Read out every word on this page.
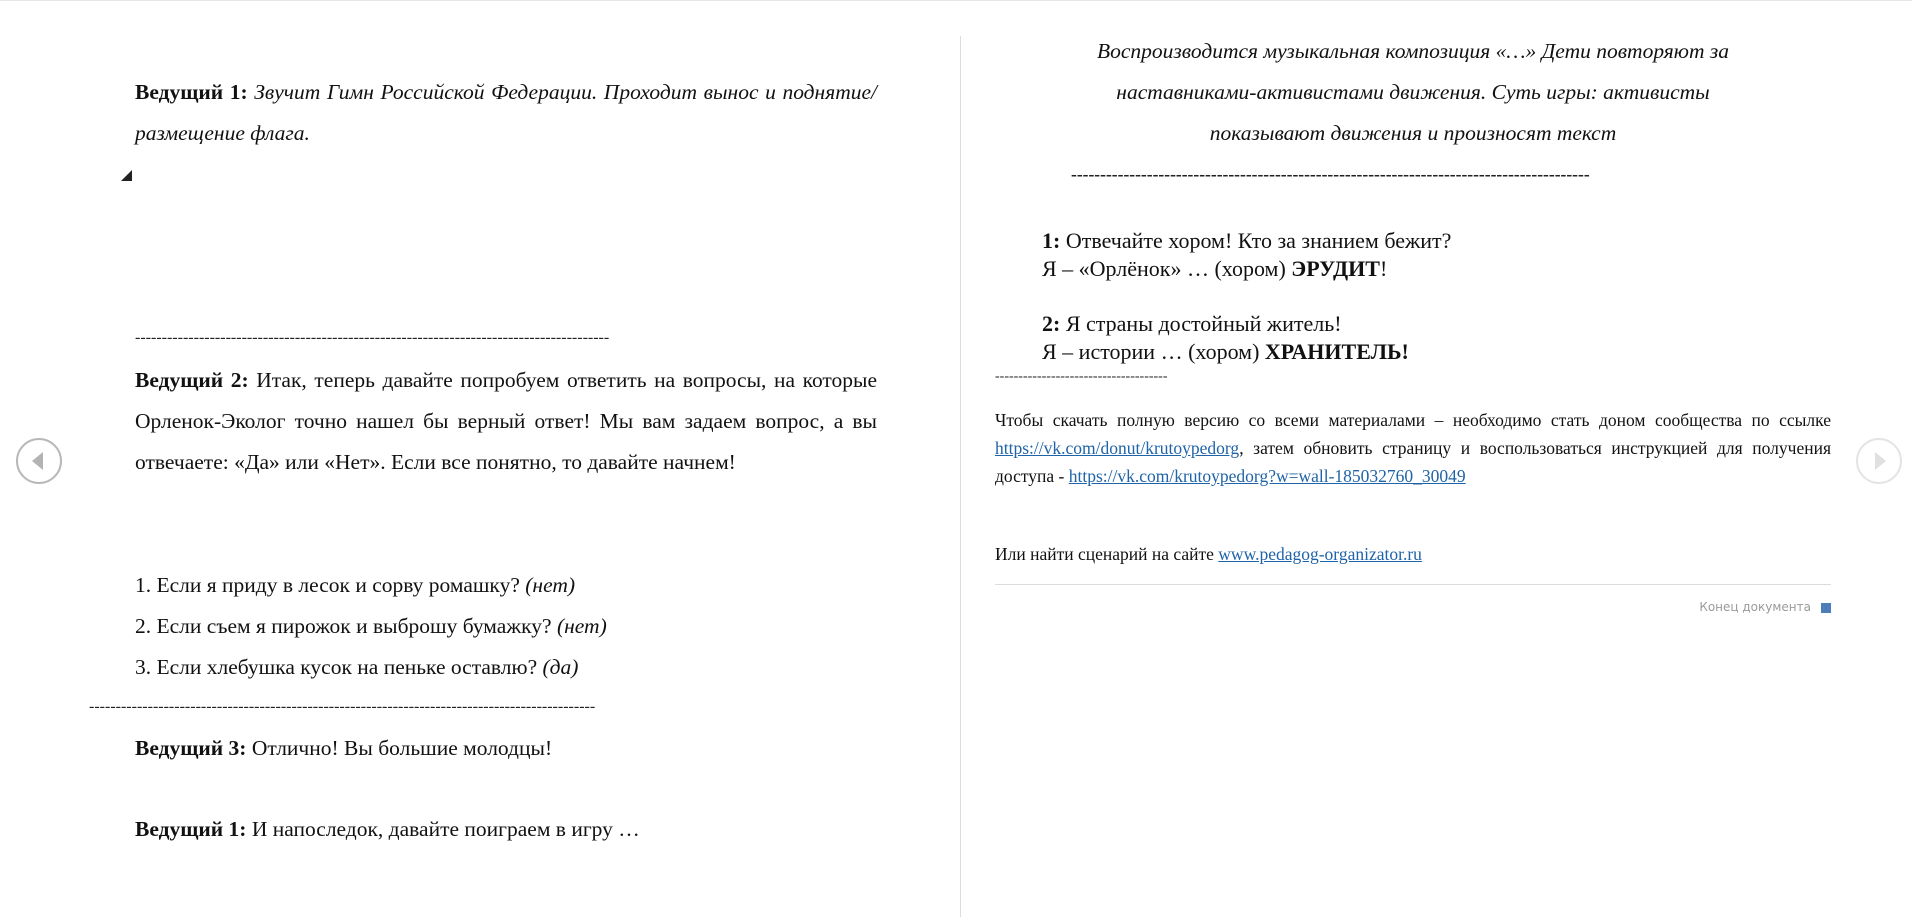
Ведущий 1: Звучит Гимн Российской Федерации. Проходит вынос и поднятие/размещение флага.

-----------------------------------------------------------------------------------------

Ведущий 2: Итак, теперь давайте попробуем ответить на вопросы, на которые Орленок-Эколог точно нашел бы верный ответ! Мы вам задаем вопрос, а вы отвечаете: «Да» или «Нет». Если все понятно, то давайте начнем!

1. Если я приду в лесок и сорву ромашку? (нет)
2. Если съем я пирожок и выброшу бумажку? (нет)
3. Если хлебушка кусок на пеньке оставлю? (да)
-----------------------------------------------------------------------------------------------

Ведущий 3: Отлично! Вы большие молодцы!

Ведущий 1: И напоследок, давайте поиграем в игру …

Воспроизводится музыкальная композиция «…» Дети повторяют за
наставниками-активистами движения. Суть игры: активисты
показывают движения и произносят текст
-----------------------------------------------------------------------------------------
1: Отвечайте хором! Кто за знанием бежит?
Я – «Орлёнок» … (хором) ЭРУДИТ!
2: Я страны достойный житель!
Я – истории … (хором) ХРАНИТЕЛЬ!
-------------------------------------

Чтобы скачать полную версию со всеми материалами – необходимо стать доном сообщества по ссылке https://vk.com/donut/krutoypedorg, затем обновить страницу и воспользоваться инструкцией для получения доступа - https://vk.com/krutoypedorg?w=wall-185032760_30049

Или найти сценарий на сайте www.pedagog-organizator.ru

Конец документа
